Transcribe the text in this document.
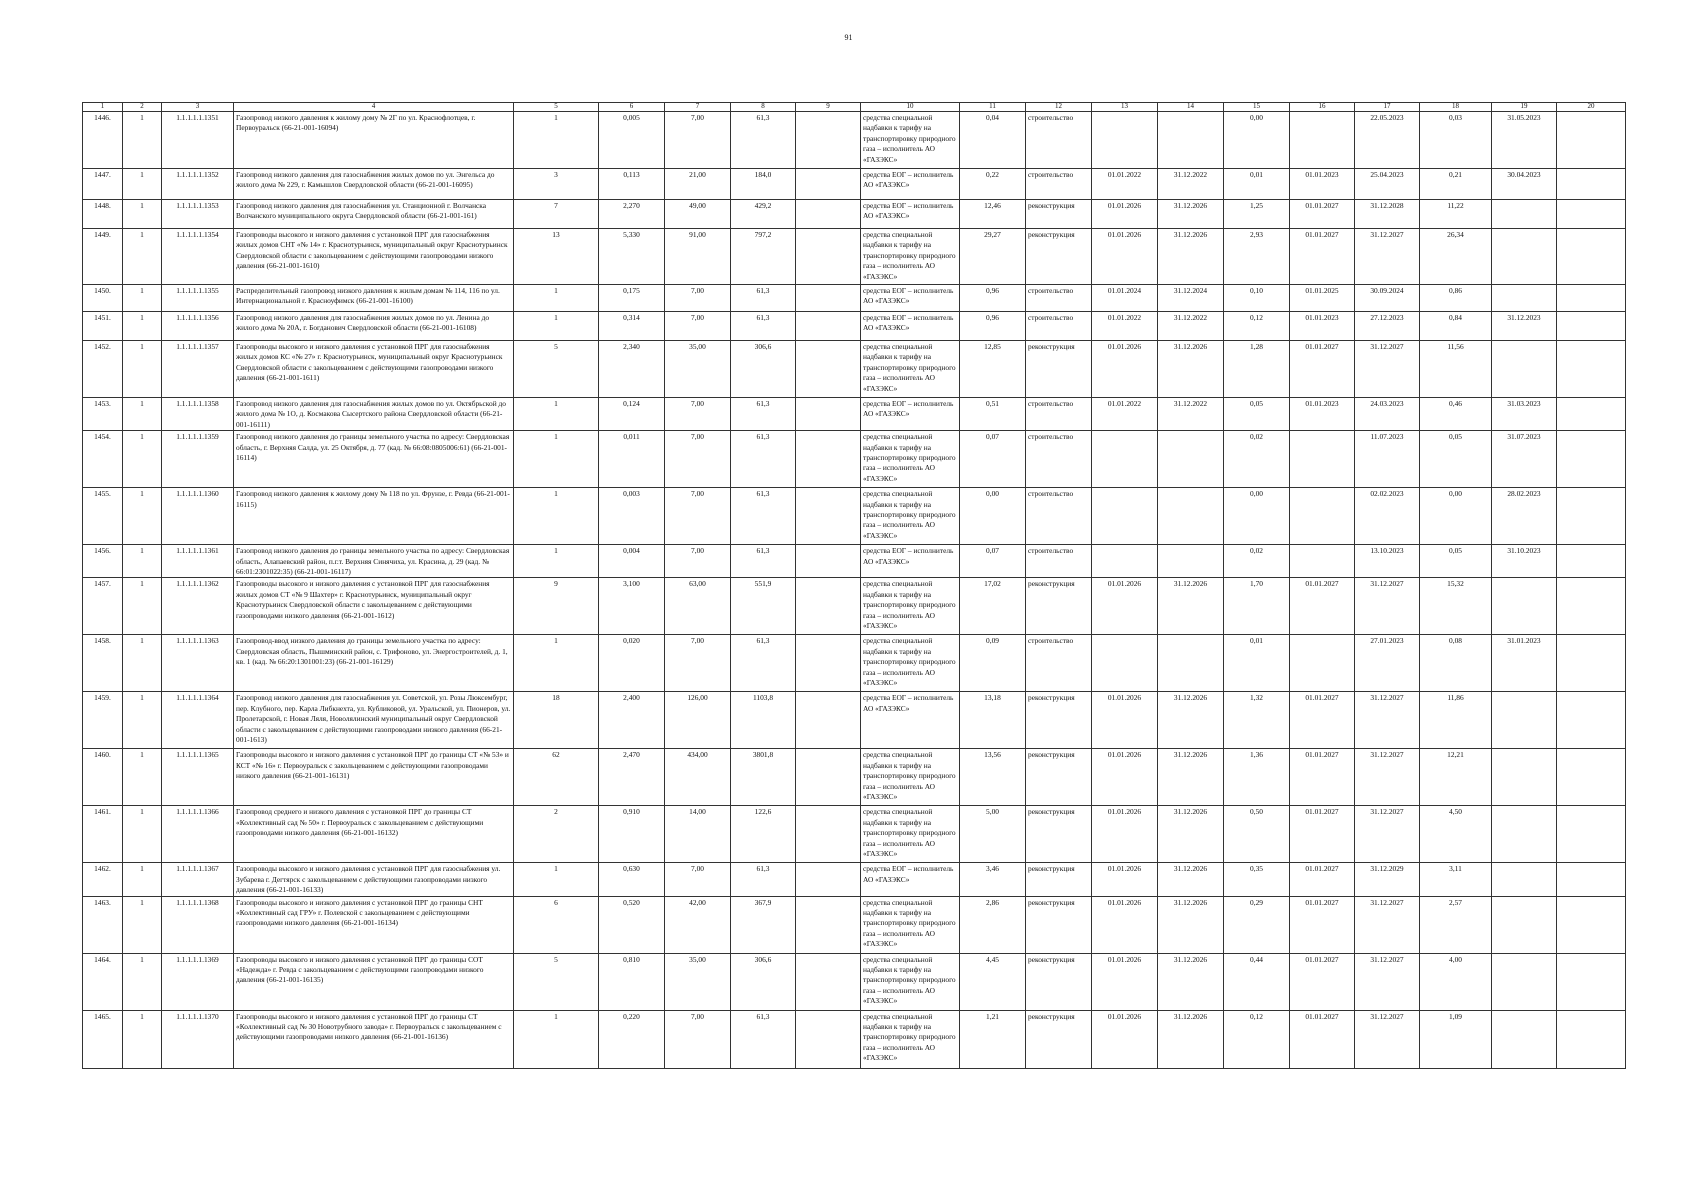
91
1	2	3	4	5	6	7	8	9	10	11	12	13	14	15	16	17	18	19	20
1446.	1	1.1.1.1.1.1351	Газопровод низкого давления к жилому дому № 2Г по ул. Краснофлотцев, г. Первоуральск (66-21-001-16094)	1	0,005	7,00	61,3		средства специальной надбавки к тарифу на транспортировку природного газа – исполнитель АО «ГАЗЭКС»	0,04	строительство			0,00		22.05.2023	0,03	31.05.2023	
1447.	1	1.1.1.1.1.1352	Газопровод низкого давления для газоснабжения жилых домов по ул. Энгельса до жилого дома № 229, г. Камышлов Свердловской области (66-21-001-16095)	3	0,113	21,00	184,0		средства ЕОГ – исполнитель АО «ГАЗЭКС»	0,22	строительство	01.01.2022	31.12.2022	0,01	01.01.2023	25.04.2023	0,21	30.04.2023	
1448.	1	1.1.1.1.1.1353	Газопровод низкого давления для газоснабжения ул. Станционной г. Волчанска Волчанского муниципального округа Свердловской области (66-21-001-161)	7	2,270	49,00	429,2		средства ЕОГ – исполнитель АО «ГАЗЭКС»	12,46	реконструкция	01.01.2026	31.12.2026	1,25	01.01.2027	31.12.2028	11,22		
1449.	1	1.1.1.1.1.1354	Газопроводы высокого и низкого давления с установкой ПРГ для газоснабжения жилых домов СНТ «№ 14» г. Краснотурьинск, муниципальный округ Краснотурьинск Свердловской области с закольцеванием с действующими газопроводами низкого давления (66-21-001-1610)	13	5,330	91,00	797,2		средства специальной надбавки к тарифу на транспортировку природного газа – исполнитель АО «ГАЗЭКС»	29,27	реконструкция	01.01.2026	31.12.2026	2,93	01.01.2027	31.12.2027	26,34		
1450.	1	1.1.1.1.1.1355	Распределительный газопровод низкого давления к жилым домам № 114, 116 по ул. Интернациональной г. Красноуфимск (66-21-001-16100)	1	0,175	7,00	61,3		средства ЕОГ – исполнитель АО «ГАЗЭКС»	0,96	строительство	01.01.2024	31.12.2024	0,10	01.01.2025	30.09.2024	0,86		
1451.	1	1.1.1.1.1.1356	Газопровод низкого давления для газоснабжения жилых домов по ул. Ленина до жилого дома № 20А, г. Богданович Свердловской области (66-21-001-16108)	1	0,314	7,00	61,3		средства ЕОГ – исполнитель АО «ГАЗЭКС»	0,96	строительство	01.01.2022	31.12.2022	0,12	01.01.2023	27.12.2023	0,84	31.12.2023	
1452.	1	1.1.1.1.1.1357	Газопроводы высокого и низкого давления с установкой ПРГ для газоснабжения жилых домов КС «№ 27» г. Краснотурьинск, муниципальный округ Краснотурьинск Свердловской области с закольцеванием с действующими газопроводами низкого давления (66-21-001-1611)	5	2,340	35,00	306,6		средства специальной надбавки к тарифу на транспортировку природного газа – исполнитель АО «ГАЗЭКС»	12,85	реконструкция	01.01.2026	31.12.2026	1,28	01.01.2027	31.12.2027	11,56		
1453.	1	1.1.1.1.1.1358	Газопровод низкого давления для газоснабжения жилых домов по ул. Октябрьской до жилого дома № 1О, д. Космакова Сысертского района Свердловской области (66-21-001-16111)	1	0,124	7,00	61,3		средства ЕОГ – исполнитель АО «ГАЗЭКС»	0,51	строительство	01.01.2022	31.12.2022	0,05	01.01.2023	24.03.2023	0,46	31.03.2023	
1454.	1	1.1.1.1.1.1359	Газопровод низкого давления до границы земельного участка по адресу: Свердловская область, г. Верхняя Салда, ул. 25 Октября, д. 77 (кад. № 66:08:0805006:61) (66-21-001-16114)	1	0,011	7,00	61,3		средства специальной надбавки к тарифу на транспортировку природного газа – исполнитель АО «ГАЗЭКС»	0,07	строительство			0,02		11.07.2023	0,05	31.07.2023	
1455.	1	1.1.1.1.1.1360	Газопровод низкого давления к жилому дому № 118 по ул. Фрунзе, г. Ревда (66-21-001-16115)	1	0,003	7,00	61,3		средства специальной надбавки к тарифу на транспортировку природного газа – исполнитель АО «ГАЗЭКС»	0,00	строительство			0,00		02.02.2023	0,00	28.02.2023	
1456.	1	1.1.1.1.1.1361	Газопровод низкого давления до границы земельного участка по адресу: Свердловская область, Алапаевский район, п.г.т. Верхняя Синячиха, ул. Красина, д. 29 (кад. № 66:01:2301022:35) (66-21-001-16117)	1	0,004	7,00	61,3		средства ЕОГ – исполнитель АО «ГАЗЭКС»	0,07	строительство			0,02		13.10.2023	0,05	31.10.2023	
1457.	1	1.1.1.1.1.1362	Газопроводы высокого и низкого давления с установкой ПРГ для газоснабжения жилых домов СТ «№ 9 Шахтер» г. Краснотурьинск, муниципальный округ Краснотурьинск Свердловской области с закольцеванием с действующими газопроводами низкого давления (66-21-001-1612)	9	3,100	63,00	551,9		средства специальной надбавки к тарифу на транспортировку природного газа – исполнитель АО «ГАЗЭКС»	17,02	реконструкция	01.01.2026	31.12.2026	1,70	01.01.2027	31.12.2027	15,32		
1458.	1	1.1.1.1.1.1363	Газопровод-ввод низкого давления до границы земельного участка по адресу: Свердловская область, Пышминский район, с. Трифоново, ул. Энергостроителей, д. 1, кв. 1 (кад. № 66:20:1301001:23) (66-21-001-16129)	1	0,020	7,00	61,3		средства специальной надбавки к тарифу на транспортировку природного газа – исполнитель АО «ГАЗЭКС»	0,09	строительство			0,01		27.01.2023	0,08	31.01.2023	
1459.	1	1.1.1.1.1.1364	Газопровод низкого давления для газоснабжения ул. Советской, ул. Розы Люксембург, пер. Клубного, пер. Карла Либкнехта, ул. Кубликовой, ул. Уральской, ул. Пионеров, ул. Пролетарской, г. Новая Ляля, Новолялинский муниципальный округ Свердловской области с закольцеванием с действующими газопроводами низкого давления (66-21-001-1613)	18	2,400	126,00	1103,8		средства ЕОГ – исполнитель АО «ГАЗЭКС»	13,18	реконструкция	01.01.2026	31.12.2026	1,32	01.01.2027	31.12.2027	11,86		
1460.	1	1.1.1.1.1.1365	Газопроводы высокого и низкого давления с установкой ПРГ до границы СТ «№ 53» и КСТ «№ 16» г. Первоуральск с закольцеванием с действующими газопроводами низкого давления (66-21-001-16131)	62	2,470	434,00	3801,8		средства специальной надбавки к тарифу на транспортировку природного газа – исполнитель АО «ГАЗЭКС»	13,56	реконструкция	01.01.2026	31.12.2026	1,36	01.01.2027	31.12.2027	12,21		
1461.	1	1.1.1.1.1.1366	Газопровод среднего и низкого давления с установкой ПРГ до границы СТ «Коллективный сад № 50» г. Первоуральск с закольцеванием с действующими газопроводами низкого давления (66-21-001-16132)	2	0,910	14,00	122,6		средства специальной надбавки к тарифу на транспортировку природного газа – исполнитель АО «ГАЗЭКС»	5,00	реконструкция	01.01.2026	31.12.2026	0,50	01.01.2027	31.12.2027	4,50		
1462.	1	1.1.1.1.1.1367	Газопроводы высокого и низкого давления с установкой ПРГ для газоснабжения ул. Зубарева г. Дегтярск с закольцеванием с действующими газопроводами низкого давления (66-21-001-16133)	1	0,630	7,00	61,3		средства ЕОГ – исполнитель АО «ГАЗЭКС»	3,46	реконструкция	01.01.2026	31.12.2026	0,35	01.01.2027	31.12.2029	3,11		
1463.	1	1.1.1.1.1.1368	Газопроводы высокого и низкого давления с установкой ПРГ до границы СНТ «Коллективный сад ГРУ» г. Полевской с закольцеванием с действующими газопроводами низкого давления (66-21-001-16134)	6	0,520	42,00	367,9		средства специальной надбавки к тарифу на транспортировку природного газа – исполнитель АО «ГАЗЭКС»	2,86	реконструкция	01.01.2026	31.12.2026	0,29	01.01.2027	31.12.2027	2,57		
1464.	1	1.1.1.1.1.1369	Газопроводы высокого и низкого давления с установкой ПРГ до границы СОТ «Надежда» г. Ревда с закольцеванием с действующими газопроводами низкого давления (66-21-001-16135)	5	0,810	35,00	306,6		средства специальной надбавки к тарифу на транспортировку природного газа – исполнитель АО «ГАЗЭКС»	4,45	реконструкция	01.01.2026	31.12.2026	0,44	01.01.2027	31.12.2027	4,00		
1465.	1	1.1.1.1.1.1370	Газопроводы высокого и низкого давления с установкой ПРГ до границы СТ «Коллективный сад № 30 Новотрубного завода» г. Первоуральск с закольцеванием с действующими газопроводами низкого давления (66-21-001-16136)	1	0,220	7,00	61,3		средства специальной надбавки к тарифу на транспортировку природного газа – исполнитель АО «ГАЗЭКС»	1,21	реконструкция	01.01.2026	31.12.2026	0,12	01.01.2027	31.12.2027	1,09		
